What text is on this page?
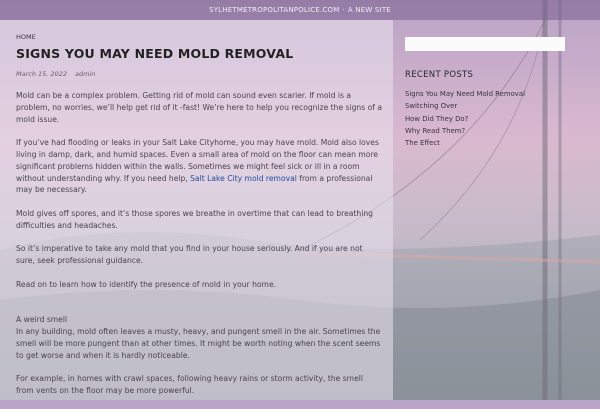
SYLHETMETROPOLITANPOLICE.COM · A NEW SITE
HOME
SIGNS YOU MAY NEED MOLD REMOVAL
March 15, 2022 admin

Mold can be a complex problem. Getting rid of mold can sound even scarier. If mold is a problem, no worries, we’ll help get rid of it -fast! We’re here to help you recognize the signs of a mold issue.

If you’ve had flooding or leaks in your Salt Lake Cityhome, you may have mold. Mold also loves living in damp, dark, and humid spaces. Even a small area of mold on the floor can mean more significant problems hidden within the walls. Sometimes we might feel sick or ill in a room without understanding why. If you need help, Salt Lake City mold removal from a professional may be necessary.

Mold gives off spores, and it’s those spores we breathe in overtime that can lead to breathing difficulties and headaches.

So it’s imperative to take any mold that you find in your house seriously. And if you are not sure, seek professional guidance.

Read on to learn how to identify the presence of mold in your home.

A weird smell
In any building, mold often leaves a musty, heavy, and pungent smell in the air. Sometimes the smell will be more pungent than at other times. It might be worth noting when the scent seems to get worse and when it is hardly noticeable.

For example, in homes with crawl spaces, following heavy rains or storm activity, the smell from vents on the floor may be more powerful.

RECENT POSTS
Signs You May Need Mold Removal
Switching Over
How Did They Do?
Why Read Them?
The Effect
